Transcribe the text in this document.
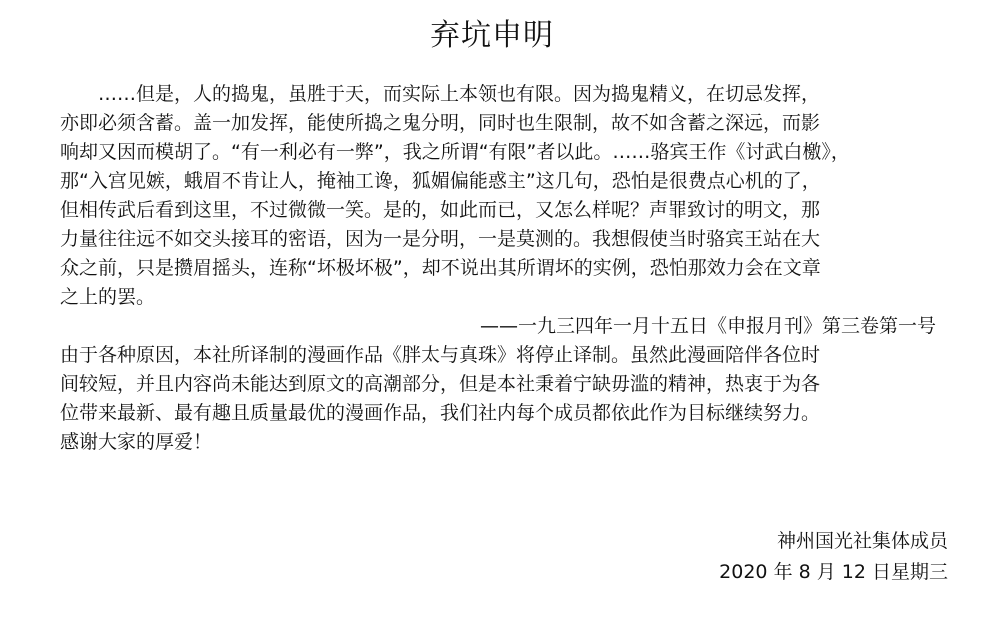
弃坑申明
……但是，人的捣鬼，虽胜于天，而实际上本领也有限。因为捣鬼精义，在切忌发挥，
亦即必须含蓄。盖一加发挥，能使所捣之鬼分明，同时也生限制，故不如含蓄之深远，而影
响却又因而模胡了。“有一利必有一弊”，我之所谓“有限”者以此。……骆宾王作《讨武白檄》，
那“入宫见嫉，蛾眉不肯让人，掩袖工谗，狐媚偏能惑主”这几句，恐怕是很费点心机的了，
但相传武后看到这里，不过微微一笑。是的，如此而已，又怎么样呢？声罪致讨的明文，那
力量往往远不如交头接耳的密语，因为一是分明，一是莫测的。我想假使当时骆宾王站在大
众之前，只是攒眉摇头，连称“坏极坏极”，却不说出其所谓坏的实例，恐怕那效力会在文章
之上的罢。

——一九三四年一月十五日《申报月刊》第三卷第一号

由于各种原因，本社所译制的漫画作品《胖太与真珠》将停止译制。虽然此漫画陪伴各位时
间较短，并且内容尚未能达到原文的高潮部分，但是本社秉着宁缺毋滥的精神，热衷于为各
位带来最新、最有趣且质量最优的漫画作品，我们社内每个成员都依此作为目标继续努力。
感谢大家的厚爱！
神州国光社集体成员
2020 年 8 月 12 日星期三
